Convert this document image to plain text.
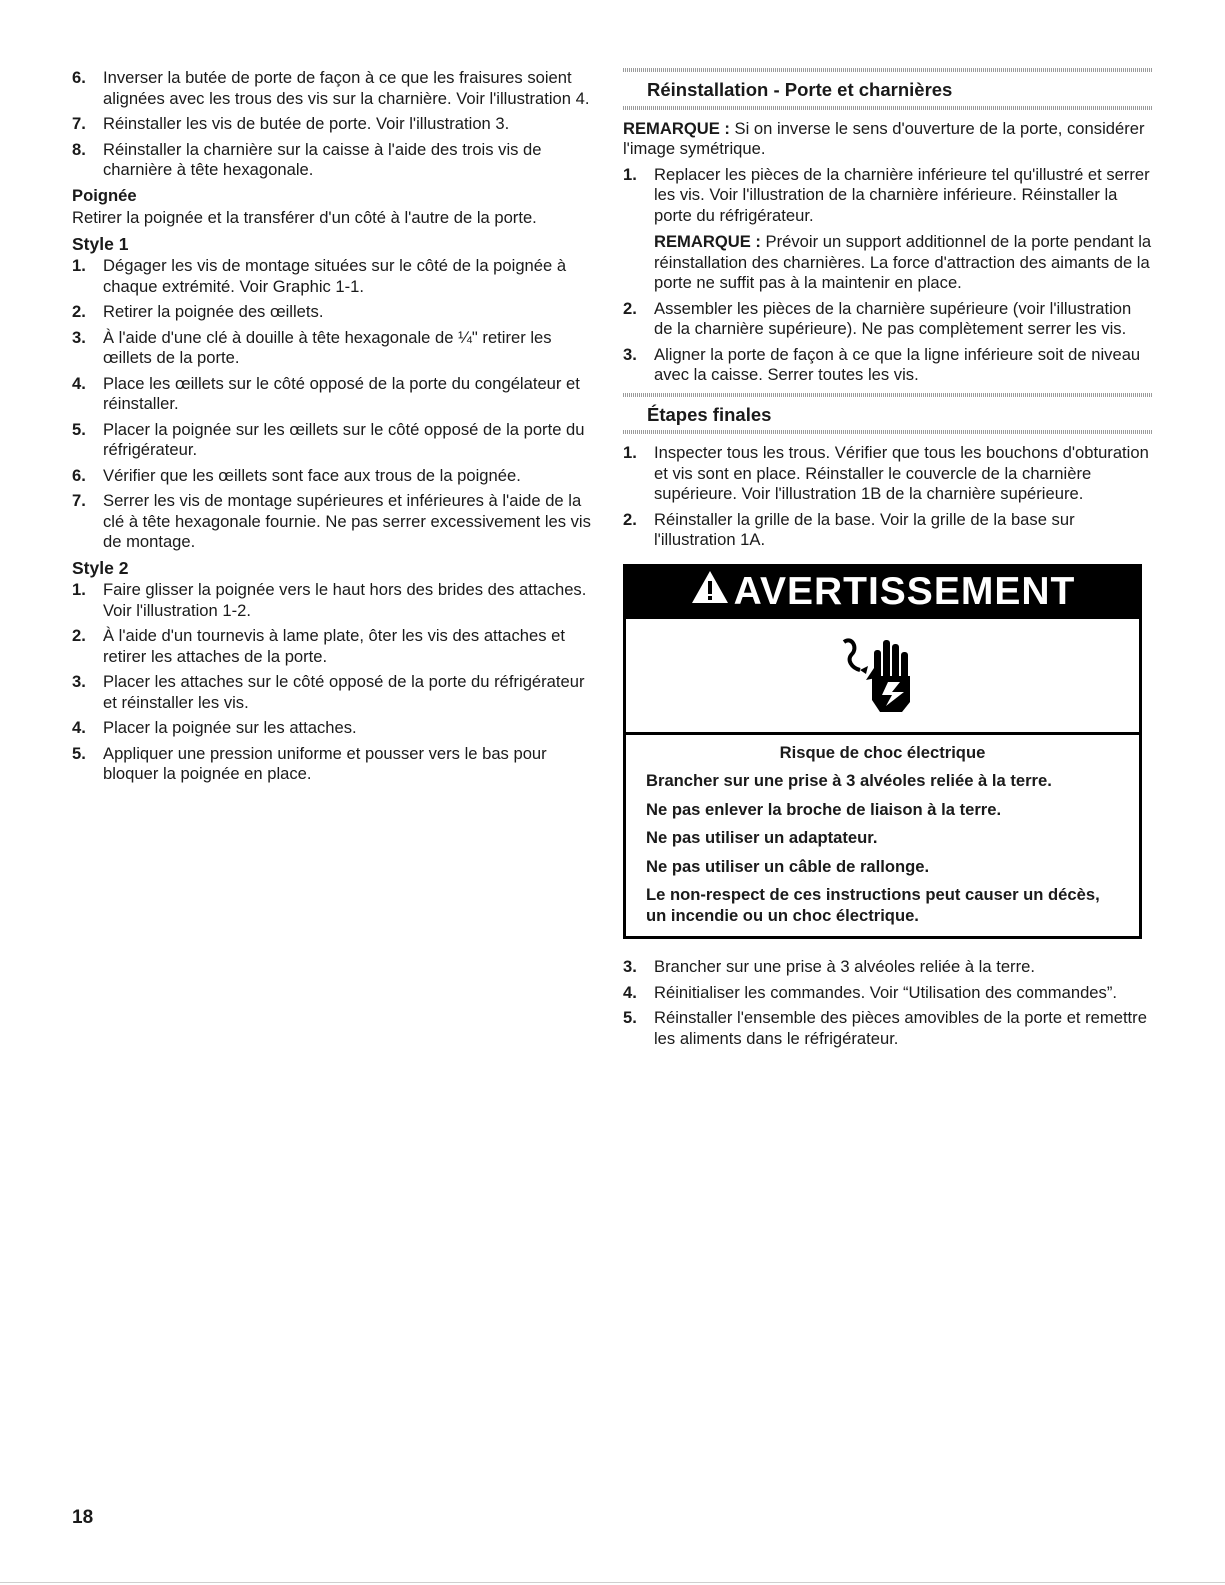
6. Inverser la butée de porte de façon à ce que les fraisures soient alignées avec les trous des vis sur la charnière. Voir l'illustration 4.
7. Réinstaller les vis de butée de porte. Voir l'illustration 3.
8. Réinstaller la charnière sur la caisse à l'aide des trois vis de charnière à tête hexagonale.
Poignée

Retirer la poignée et la transférer d'un côté à l'autre de la porte.

Style 1
1. Dégager les vis de montage situées sur le côté de la poignée à chaque extrémité. Voir Graphic 1-1.
2. Retirer la poignée des œillets.
3. À l'aide d'une clé à douille à tête hexagonale de ¼" retirer les œillets de la porte.
4. Place les œillets sur le côté opposé de la porte du congélateur et réinstaller.
5. Placer la poignée sur les œillets sur le côté opposé de la porte du réfrigérateur.
6. Vérifier que les œillets sont face aux trous de la poignée.
7. Serrer les vis de montage supérieures et inférieures à l'aide de la clé à tête hexagonale fournie. Ne pas serrer excessivement les vis de montage.
Style 2
1. Faire glisser la poignée vers le haut hors des brides des attaches. Voir l'illustration 1-2.
2. À l'aide d'un tournevis à lame plate, ôter les vis des attaches et retirer les attaches de la porte.
3. Placer les attaches sur le côté opposé de la porte du réfrigérateur et réinstaller les vis.
4. Placer la poignée sur les attaches.
5. Appliquer une pression uniforme et pousser vers le bas pour bloquer la poignée en place.
Réinstallation - Porte et charnières

REMARQUE : Si on inverse le sens d'ouverture de la porte, considérer l'image symétrique.

1. Replacer les pièces de la charnière inférieure tel qu'illustré et serrer les vis. Voir l'illustration de la charnière inférieure. Réinstaller la porte du réfrigérateur.

REMARQUE : Prévoir un support additionnel de la porte pendant la réinstallation des charnières. La force d'attraction des aimants de la porte ne suffit pas à la maintenir en place.

2. Assembler les pièces de la charnière supérieure (voir l'illustration de la charnière supérieure). Ne pas complètement serrer les vis.
3. Aligner la porte de façon à ce que la ligne inférieure soit de niveau avec la caisse. Serrer toutes les vis.
Étapes finales
1. Inspecter tous les trous. Vérifier que tous les bouchons d'obturation et vis sont en place. Réinstaller le couvercle de la charnière supérieure. Voir l'illustration 1B de la charnière supérieure.
2. Réinstaller la grille de la base. Voir la grille de la base sur l'illustration 1A.
AVERTISSEMENT
Risque de choc électrique

Brancher sur une prise à 3 alvéoles reliée à la terre.

Ne pas enlever la broche de liaison à la terre.

Ne pas utiliser un adaptateur.

Ne pas utiliser un câble de rallonge.

Le non-respect de ces instructions peut causer un décès, un incendie ou un choc électrique.

3. Brancher sur une prise à 3 alvéoles reliée à la terre.
4. Réinitialiser les commandes. Voir “Utilisation des commandes”.
5. Réinstaller l'ensemble des pièces amovibles de la porte et remettre les aliments dans le réfrigérateur.
18
